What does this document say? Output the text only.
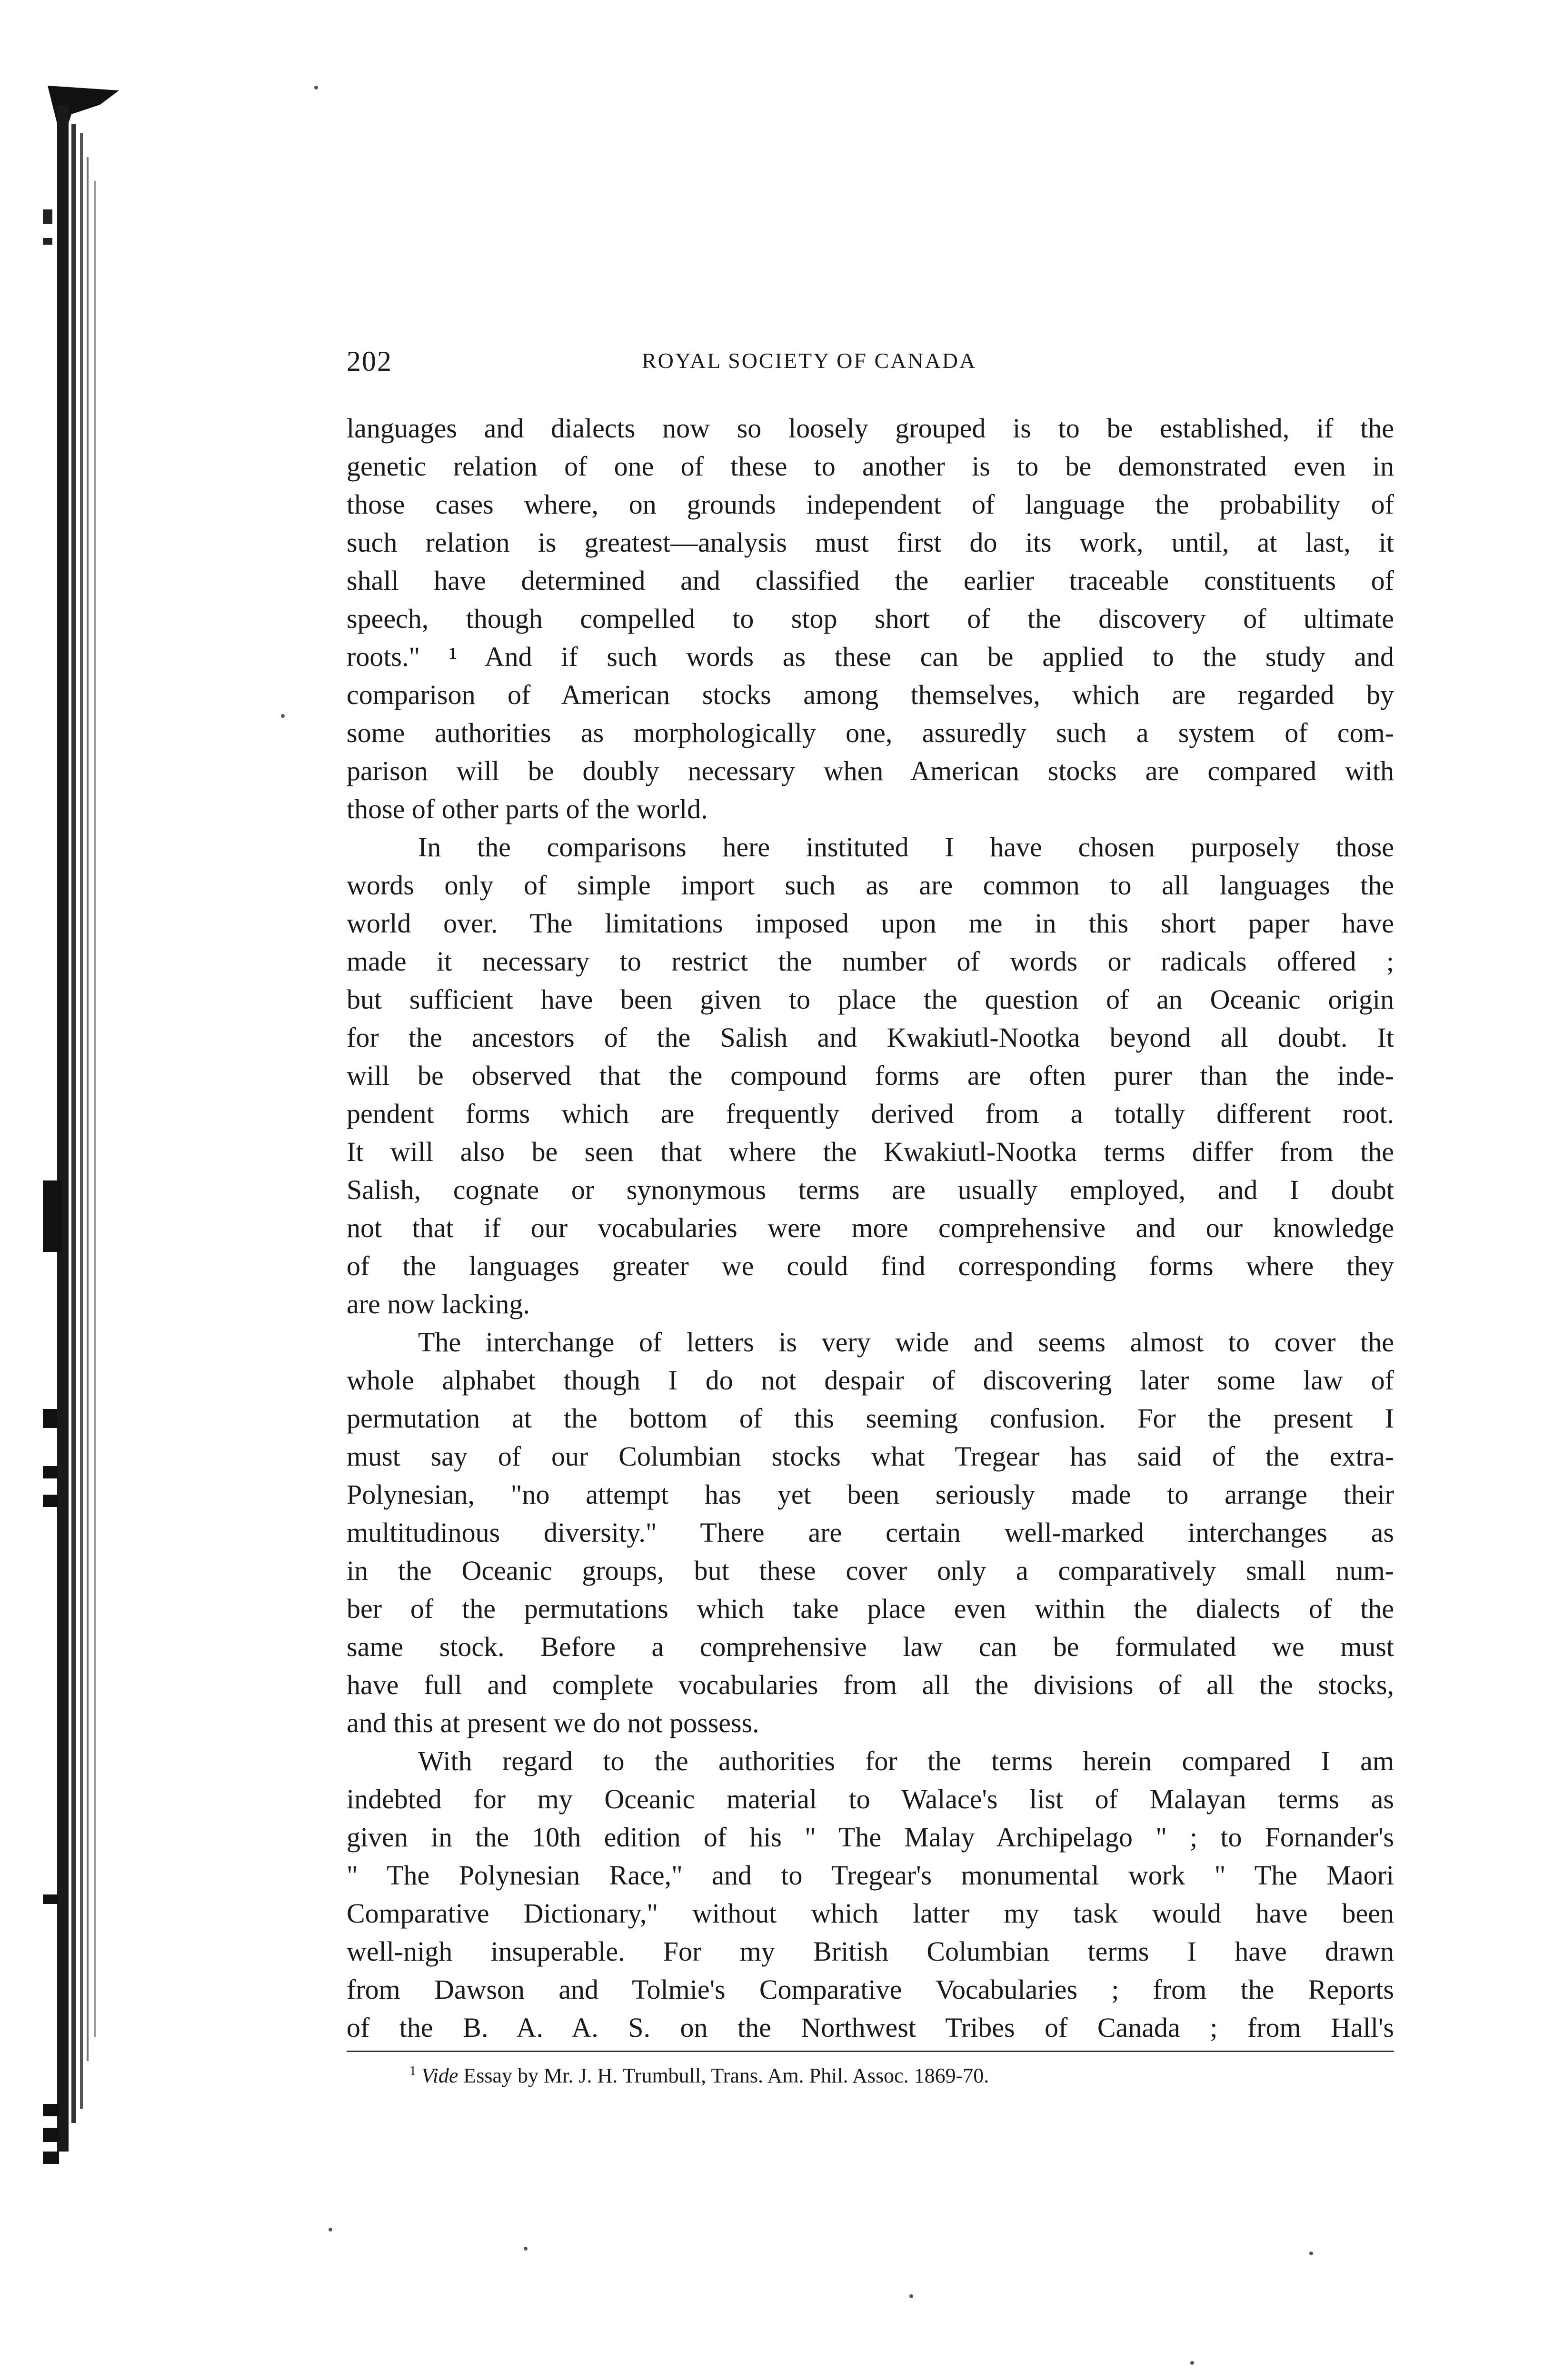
202	ROYAL SOCIETY OF CANADA
languages and dialects now so loosely grouped is to be established, if the
genetic relation of one of these to another is to be demonstrated even in
those cases where, on grounds independent of language the probability of
such relation is greatest—analysis must first do its work, until, at last, it
shall have determined and classified the earlier traceable constituents of
speech, though compelled to stop short of the discovery of ultimate
roots." ¹ And if such words as these can be applied to the study and
comparison of American stocks among themselves, which are regarded by
some authorities as morphologically one, assuredly such a system of com-
parison will be doubly necessary when American stocks are compared with
those of other parts of the world.
In the comparisons here instituted I have chosen purposely those
words only of simple import such as are common to all languages the
world over. The limitations imposed upon me in this short paper have
made it necessary to restrict the number of words or radicals offered ;
but sufficient have been given to place the question of an Oceanic origin
for the ancestors of the Salish and Kwakiutl-Nootka beyond all doubt. It
will be observed that the compound forms are often purer than the inde-
pendent forms which are frequently derived from a totally different root.
It will also be seen that where the Kwakiutl-Nootka terms differ from the
Salish, cognate or synonymous terms are usually employed, and I doubt
not that if our vocabularies were more comprehensive and our knowledge
of the languages greater we could find corresponding forms where they
are now lacking.
The interchange of letters is very wide and seems almost to cover the
whole alphabet though I do not despair of discovering later some law of
permutation at the bottom of this seeming confusion. For the present I
must say of our Columbian stocks what Tregear has said of the extra-
Polynesian, "no attempt has yet been seriously made to arrange their
multitudinous diversity." There are certain well-marked interchanges as
in the Oceanic groups, but these cover only a comparatively small num-
ber of the permutations which take place even within the dialects of the
same stock. Before a comprehensive law can be formulated we must
have full and complete vocabularies from all the divisions of all the stocks,
and this at present we do not possess.
With regard to the authorities for the terms herein compared I am
indebted for my Oceanic material to Walace's list of Malayan terms as
given in the 10th edition of his " The Malay Archipelago " ; to Fornander's
" The Polynesian Race," and to Tregear's monumental work " The Maori
Comparative Dictionary," without which latter my task would have been
well-nigh insuperable. For my British Columbian terms I have drawn
from Dawson and Tolmie's Comparative Vocabularies ; from the Reports
of the B. A. A. S. on the Northwest Tribes of Canada ; from Hall's
$^1$ Vide Essay by Mr. J. H. Trumbull, Trans. Am. Phil. Assoc. 1869-70.
